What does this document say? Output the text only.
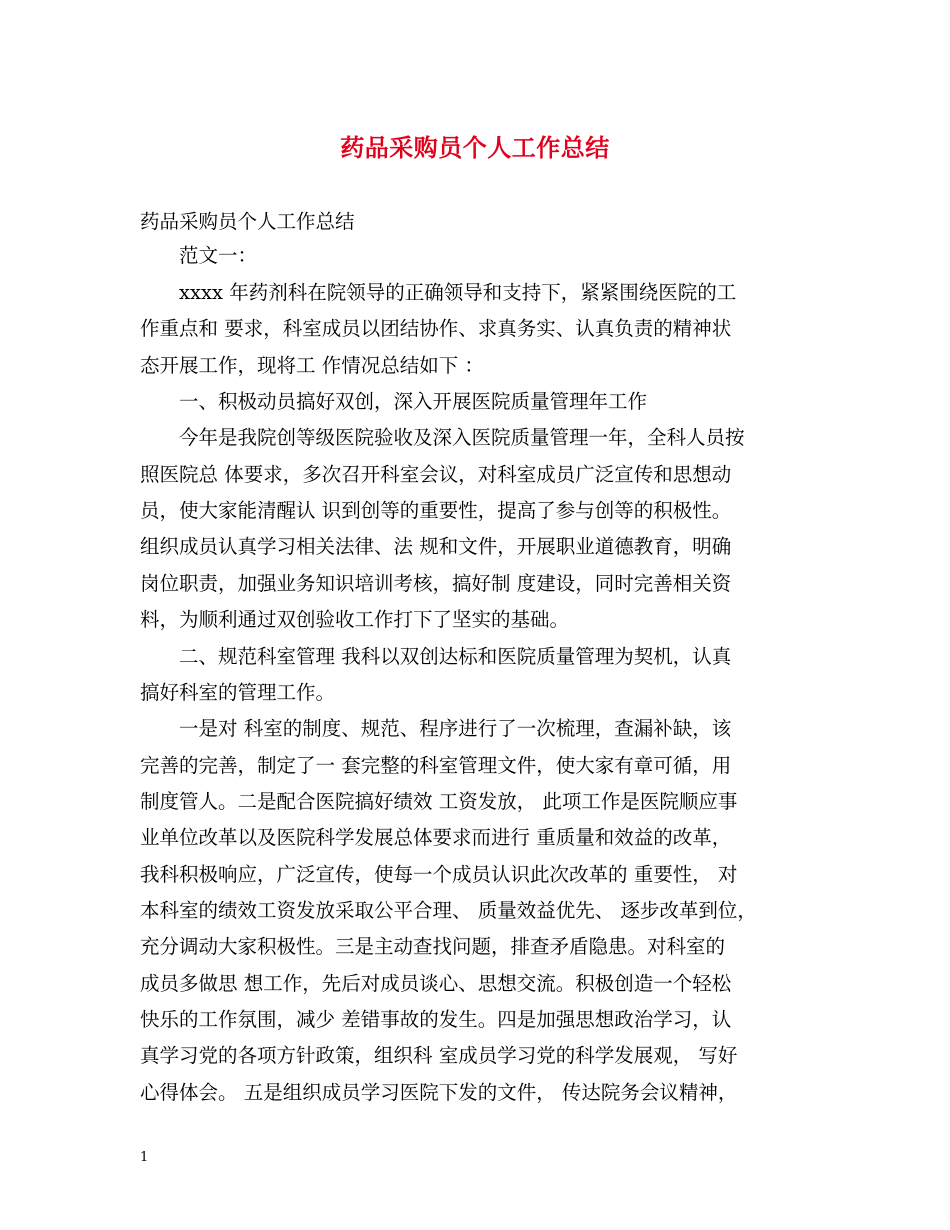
药品采购员个人工作总结
药品采购员个人工作总结
　　范文一：
　　xxxx 年药剂科在院领导的正确领导和支持下，紧紧围绕医院的工
作重点和 要求，科室成员以团结协作、求真务实、认真负责的精神状
态开展工作，现将工 作情况总结如下 ：
　　一、积极动员搞好双创，深入开展医院质量管理年工作
　　今年是我院创等级医院验收及深入医院质量管理一年，全科人员按
照医院总 体要求，多次召开科室会议，对科室成员广泛宣传和思想动
员，使大家能清醒认 识到创等的重要性，提高了参与创等的积极性。
组织成员认真学习相关法律、法 规和文件，开展职业道德教育，明确
岗位职责，加强业务知识培训考核，搞好制 度建设，同时完善相关资
料，为顺利通过双创验收工作打下了坚实的基础。
　　二、规范科室管理 我科以双创达标和医院质量管理为契机，认真
搞好科室的管理工作。
　　一是对 科室的制度、规范、程序进行了一次梳理，查漏补缺，该
完善的完善，制定了一 套完整的科室管理文件，使大家有章可循，用
制度管人。二是配合医院搞好绩效 工资发放， 此项工作是医院顺应事
业单位改革以及医院科学发展总体要求而进行 重质量和效益的改革，
我科积极响应，广泛宣传，使每一个成员认识此次改革的 重要性， 对
本科室的绩效工资发放采取公平合理、 质量效益优先、 逐步改革到位，
充分调动大家积极性。三是主动查找问题，排查矛盾隐患。对科室的
成员多做思 想工作，先后对成员谈心、思想交流。积极创造一个轻松
快乐的工作氛围，减少 差错事故的发生。四是加强思想政治学习，认
真学习党的各项方针政策，组织科 室成员学习党的科学发展观， 写好
心得体会。 五是组织成员学习医院下发的文件， 传达院务会议精神，
1
